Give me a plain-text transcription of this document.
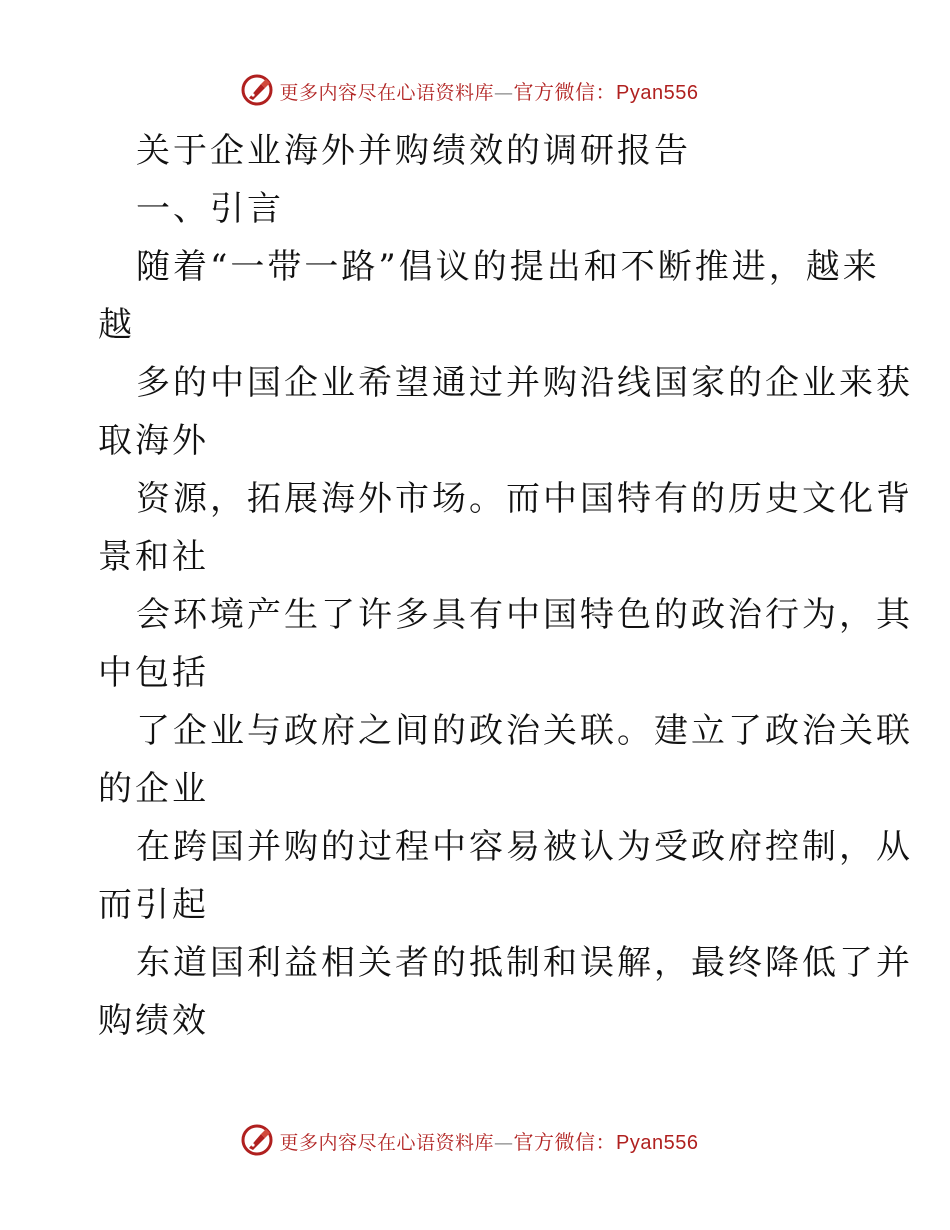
更多内容尽在心语资料库—官方微信：Pyan556
关于企业海外并购绩效的调研报告
一、引言
随着“一带一路”倡议的提出和不断推进，越来
越
多的中国企业希望通过并购沿线国家的企业来获
取海外
资源，拓展海外市场。而中国特有的历史文化背
景和社
会环境产生了许多具有中国特色的政治行为，其
中包括
了企业与政府之间的政治关联。建立了政治关联
的企业
在跨国并购的过程中容易被认为受政府控制，从
而引起
东道国利益相关者的抵制和误解，最终降低了并
购绩效
更多内容尽在心语资料库—官方微信：Pyan556
